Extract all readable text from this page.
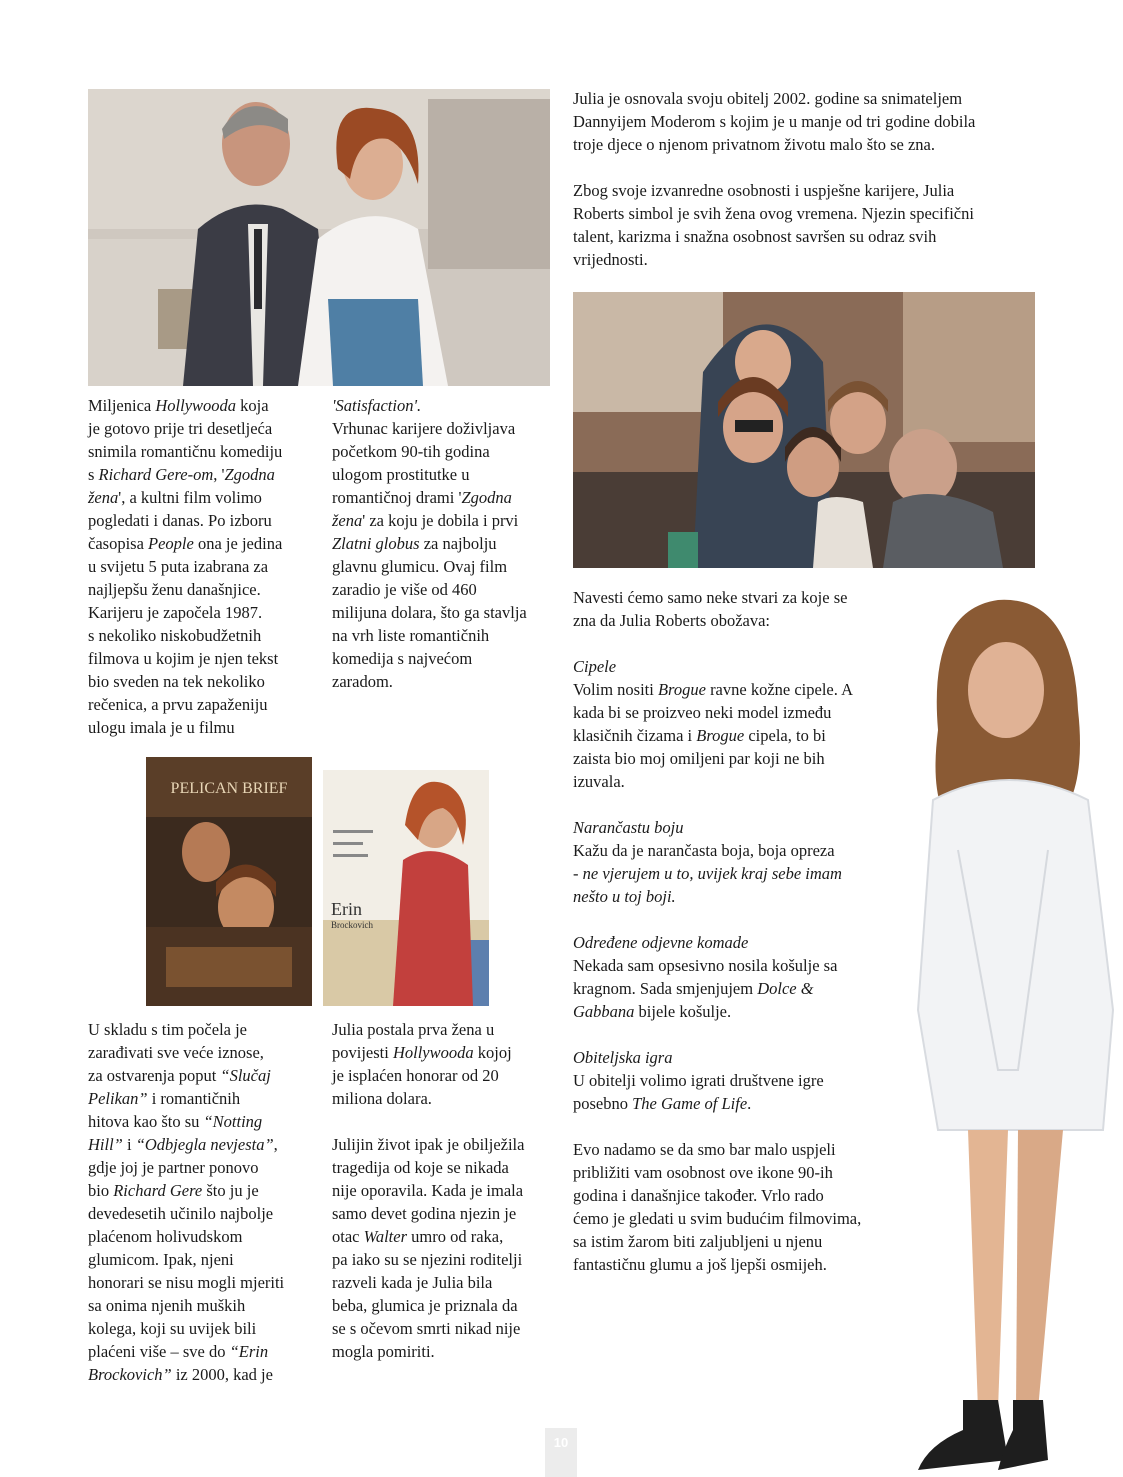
PELICAN BRIEF
Erin
Brockovich

Miljenica Hollywooda koja

je gotovo prije tri desetljeća

snimila romantičnu komediju

s Richard Gere-om, 'Zgodna

žena', a kultni film volimo

pogledati i danas. Po izboru

časopisa People ona je jedina

u svijetu 5 puta izabrana za

najljepšu ženu današnjice.

Karijeru je započela 1987.

s nekoliko niskobudžetnih

filmova u kojim je njen tekst

bio sveden na tek nekoliko

rečenica, a prvu zapaženiju

ulogu imala je u filmu

'Satisfaction'.

Vrhunac karijere doživljava

početkom 90-tih godina

ulogom prostitutke u

romantičnoj drami 'Zgodna

žena' za koju je dobila i prvi

Zlatni globus za najbolju

glavnu glumicu. Ovaj film

zaradio je više od 460

milijuna dolara, što ga stavlja

na vrh liste romantičnih

komedija s najvećom

zaradom.

U skladu s tim počela je

zarađivati sve veće iznose,

za ostvarenja poput “Slučaj

Pelikan” i romantičnih

hitova kao što su “Notting

Hill” i “Odbjegla nevjesta”,

gdje joj je partner ponovo

bio Richard Gere što ju je

devedesetih učinilo najbolje

plaćenom holivudskom

glumicom. Ipak, njeni

honorari se nisu mogli mjeriti

sa onima njenih muških

kolega, koji su uvijek bili

plaćeni više – sve do “Erin

Brockovich” iz 2000, kad je

Julia postala prva žena u

povijesti Hollywooda kojoj

je isplaćen honorar od 20

miliona dolara.

Julijin život ipak je obilježila

tragedija od koje se nikada

nije oporavila. Kada je imala

samo devet godina njezin je

otac Walter umro od raka,

pa iako su se njezini roditelji

razveli kada je Julia bila

beba, glumica je priznala da

se s očevom smrti nikad nije

mogla pomiriti.

Julia je osnovala svoju obitelj 2002. godine sa snimateljem

Dannyijem Moderom s kojim je u manje od tri godine dobila

troje djece o njenom privatnom životu malo što se zna.

Zbog svoje izvanredne osobnosti i uspješne karijere, Julia

Roberts simbol je svih žena ovog vremena. Njezin specifični

talent, karizma i snažna osobnost savršen su odraz svih

vrijednosti.

Navesti ćemo samo neke stvari za koje se

zna da Julia Roberts obožava:

Cipele

Volim nositi Brogue ravne kožne cipele. A

kada bi se proizveo neki model između

klasičnih čizama i Brogue cipela, to bi

zaista bio moj omiljeni par koji ne bih

izuvala.

Narančastu boju

Kažu da je narančasta boja, boja opreza

- ne vjerujem u to, uvijek kraj sebe imam

nešto u toj boji.

Određene odjevne komade

Nekada sam opsesivno nosila košulje sa

kragnom. Sada smjenjujem Dolce &

Gabbana bijele košulje.

Obiteljska igra

U obitelji volimo igrati društvene igre

posebno The Game of Life.

Evo nadamo se da smo bar malo uspjeli

približiti vam osobnost ove ikone 90-ih

godina i današnjice također. Vrlo rado

ćemo je gledati u svim budućim filmovima,

sa istim žarom biti zaljubljeni u njenu

fantastičnu glumu a još ljepši osmijeh.

10
